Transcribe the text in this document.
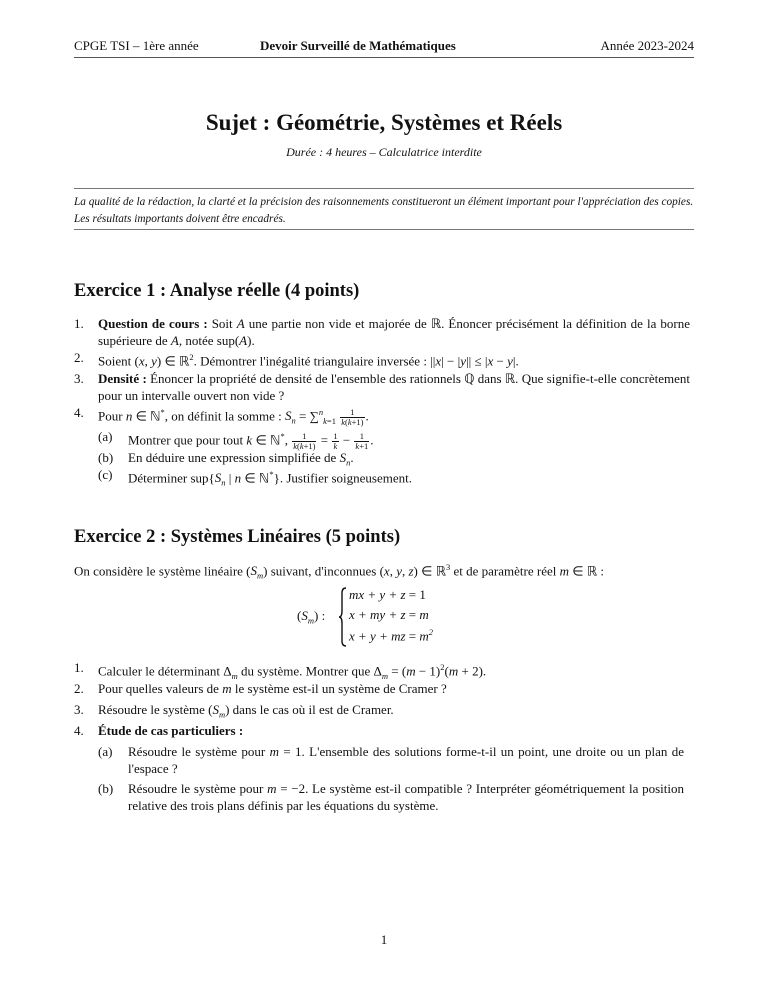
CPGE TSI – 1ère année	Devoir Surveillé de Mathématiques	Année 2023-2024
Sujet : Géométrie, Systèmes et Réels
Durée : 4 heures – Calculatrice interdite
La qualité de la rédaction, la clarté et la précision des raisonnements constitueront un élément important pour l'appréciation des copies. Les résultats importants doivent être encadrés.
Exercice 1 : Analyse réelle (4 points)
1. Question de cours : Soit A une partie non vide et majorée de ℝ. Énoncer précisément la définition de la borne supérieure de A, notée sup(A).
2. Soient (x, y) ∈ ℝ$^2$. Démontrer l'inégalité triangulaire inversée : ||x| − |y|| ≤ |x − y|.
3. Densité : Énoncer la propriété de densité de l'ensemble des rationnels ℚ dans ℝ. Que signifie-t-elle concrètement pour un intervalle ouvert non vide ?
4. Pour n ∈ ℕ*, on définit la somme : $S_n = \sum^n_{k=1} \frac{1}{k(k+1)}$ .
(a) Montrer que pour tout k ∈ ℕ*, $\frac{1}{k(k+1)} = \frac{1}{k} - \frac{1}{k+1}$ .
(b) En déduire une expression simplifiée de $S_n$.
(c) Déterminer $sup\{S_n$ | n ∈ ℕ*}. Justifier soigneusement.
Exercice 2 : Systèmes Linéaires (5 points)
On considère le système linéaire $(S_m)$ suivant, d'inconnues (x, y, z) ∈ ℝ$^3$ et de paramètre réel m ∈ ℝ :
$(S_m)$ :
mx + y + z = 1
x + my + z = m
x + y + mz = $m^2$
1. Calculer le déterminant $\Delta_m$ du système. Montrer que $\Delta_m = (m - 1)^2(m + 2)$.
2. Pour quelles valeurs de m le système est-il un système de Cramer ?
3. Résoudre le système $(S_m)$ dans le cas où il est de Cramer.
4. Étude de cas particuliers :
(a) Résoudre le système pour m = 1. L'ensemble des solutions forme-t-il un point, une droite ou un plan de l'espace ?
(b) Résoudre le système pour m = −2. Le système est-il compatible ? Interpréter géométriquement la position relative des trois plans définis par les équations du système.
1
